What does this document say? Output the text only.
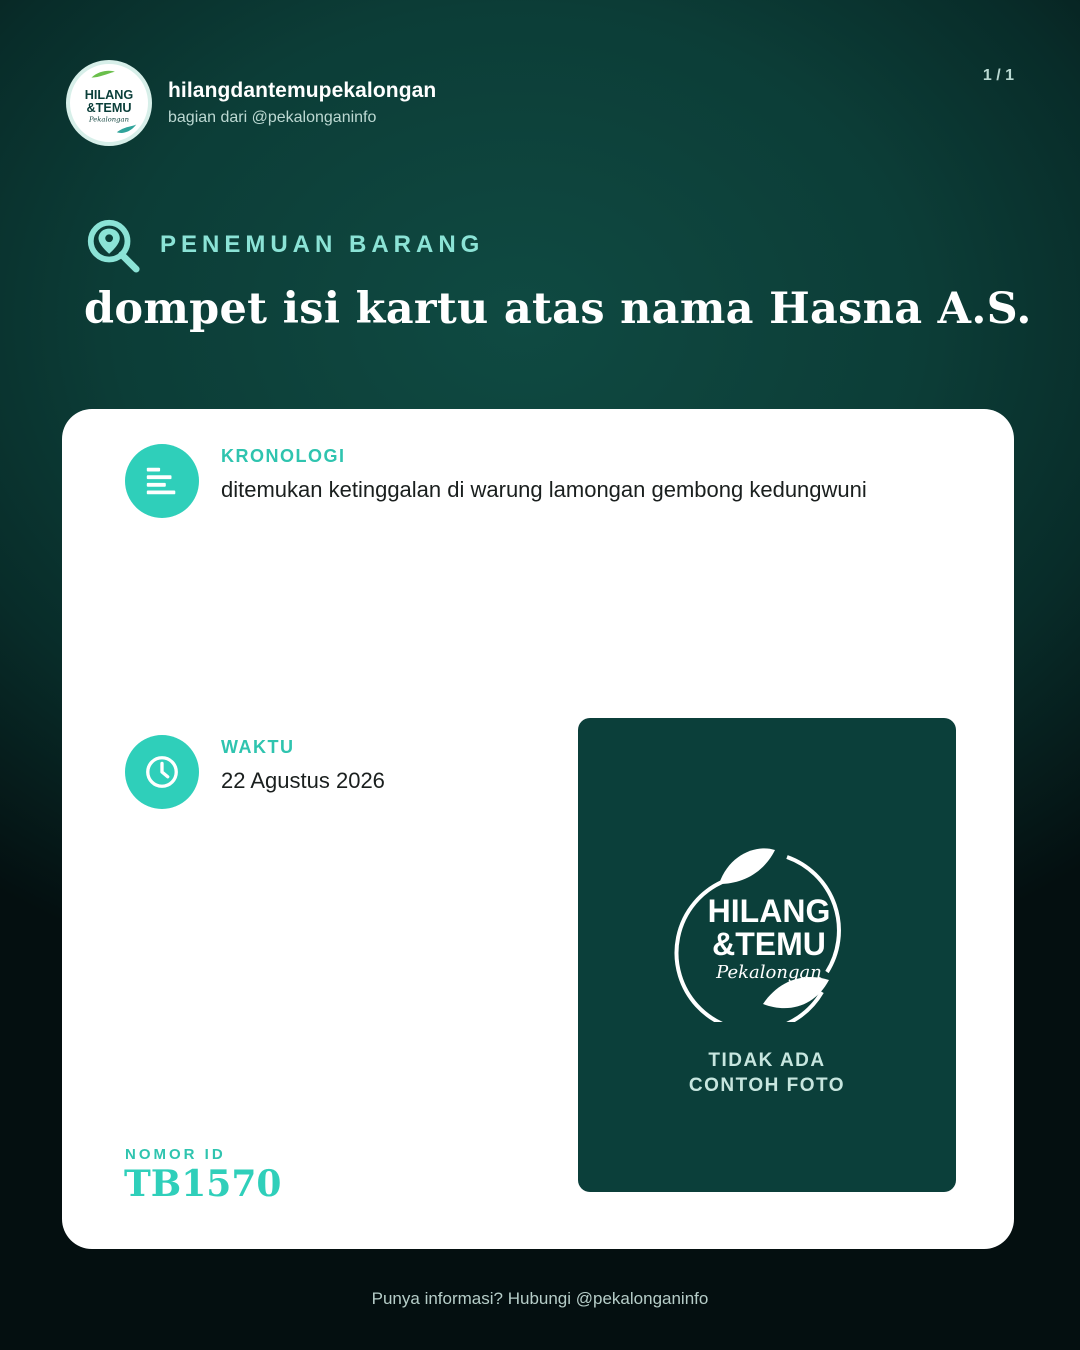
HILANG
&TEMU
Pekalongan
hilangdantemupekalongan
bagian dari @pekalonganinfo
1 / 1
PENEMUAN BARANG
dompet isi kartu atas nama Hasna A.S.
KRONOLOGI
ditemukan ketinggalan di warung lamongan gembong kedungwuni
WAKTU
22 Agustus 2026
HILANG
&TEMU
Pekalongan
TIDAK ADA
CONTOH FOTO
NOMOR ID
TB1570
Punya informasi? Hubungi @pekalonganinfo
